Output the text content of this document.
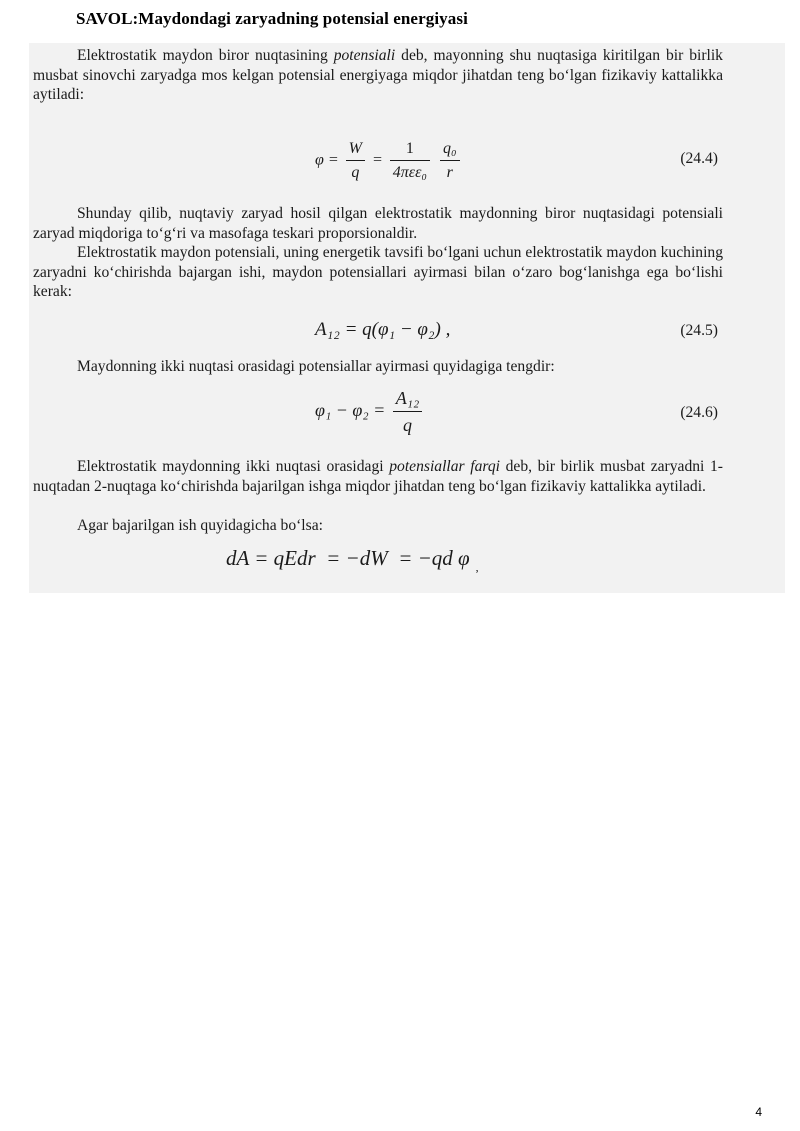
SAVOL:Maydondagi zaryadning potensial energiyasi
Elektrostatik maydon biror nuqtasining potensiali deb, mayonning shu nuqtasiga kiritilgan bir birlik musbat sinovchi zaryadga mos kelgan potensial energiyaga miqdor jihatdan teng bo‘lgan fizikaviy kattalikka aytiladi:
$\varphi = \frac{W}{q} = \frac{1}{\text{4πεε₀}}$
$\frac{\text{q₀}}{r}$	(24.4)
Shunday qilib, nuqtaviy zaryad hosil qilgan elektrostatik maydonning biror nuqtasidagi potensiali zaryad miqdoriga to‘g‘ri va masofaga teskari proporsionaldir.
Elektrostatik maydon potensiali, uning energetik tavsifi bo‘lgani uchun elektrostatik maydon kuchining zaryadni ko‘chirishda bajargan ishi, maydon potensiallari ayirmasi bilan o‘zaro bog‘lanishga ega bo‘lishi kerak:
A₁₂ = q(φ₁ − φ₂) ,	(24.5)
Maydonning ikki nuqtasi orasidagi potensiallar ayirmasi quyidagiga tengdir:
$\varphi_1 - \varphi_2 = \frac{\text{A₁₂}}{q}$	(24.6)
Elektrostatik maydonning ikki nuqtasi orasidagi potensiallar farqi deb, bir birlik musbat zaryadni 1-nuqtadan 2-nuqtaga ko‘chirishda bajarilgan ishga miqdor jihatdan teng bo‘lgan fizikaviy kattalikka aytiladi.
Agar bajarilgan ish quyidagicha bo‘lsa:
dA = qEdr  = −dW  = −qd φ $_,$
4
